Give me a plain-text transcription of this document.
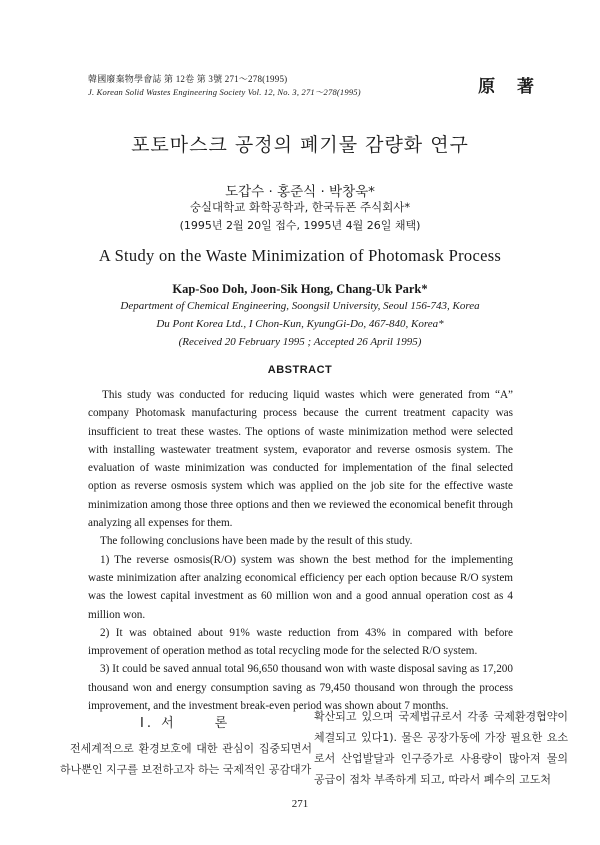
韓國廢棄物學會誌 第 12卷 第 3號 271～278(1995)
J. Korean Solid Wastes Engineering Society Vol. 12, No. 3, 271～278(1995)	原 著
포토마스크 공정의 폐기물 감량화 연구
도갑수 · 홍준식 · 박창욱*
숭실대학교 화학공학과, 한국듀폰 주식회사*
(1995년 2월 20일 접수, 1995년 4월 26일 채택)
A Study on the Waste Minimization of Photomask Process
Kap-Soo Doh, Joon-Sik Hong, Chang-Uk Park*
Department of Chemical Engineering, Soongsil University, Seoul 156-743, Korea
Du Pont Korea Ltd., I Chon-Kun, KyungGi-Do, 467-840, Korea*
(Received 20 February 1995 ; Accepted 26 April 1995)
ABSTRACT

This study was conducted for reducing liquid wastes which were generated from “A” company Photomask manufacturing process because the current treatment capacity was insufficient to treat these wastes. The options of waste minimization method were selected with installing wastewater treatment system, evaporator and reverse osmosis system. The evaluation of waste minimization was conducted for implementation of the final selected option as reverse osmosis system which was applied on the job site for the effective waste minimization among those three options and then we reviewed the economical benefit through analyzing all expenses for them.

The following conclusions have been made by the result of this study.

1) The reverse osmosis(R/O) system was shown the best method for the implementing waste minimization after analzing economical efficiency per each option because R/O system was the lowest capital investment as 60 million won and a good annual operation cost as 4 million won.

2) It was obtained about 91% waste reduction from 43% in compared with before improvement of operation method as total recycling mode for the selected R/O system.

3) It could be saved annual total 96,650 thousand won with waste disposal saving as 17,200 thousand won and energy consumption saving as 79,450 thousand won through the process improvement, and the investment break-even period was shown about 7 months.

I. 서	론
전세계적으로 환경보호에 대한 관심이 집중되면서 하나뿐인 지구를 보전하고자 하는 국제적인 공감대가
확산되고 있으며 국제법규로서 각종 국제환경협약이 체결되고 있다1). 물은 공장가동에 가장 필요한 요소로서 산업발달과 인구증가로 사용량이 많아져 물의 공급이 점차 부족하게 되고, 따라서 폐수의 고도처
271
